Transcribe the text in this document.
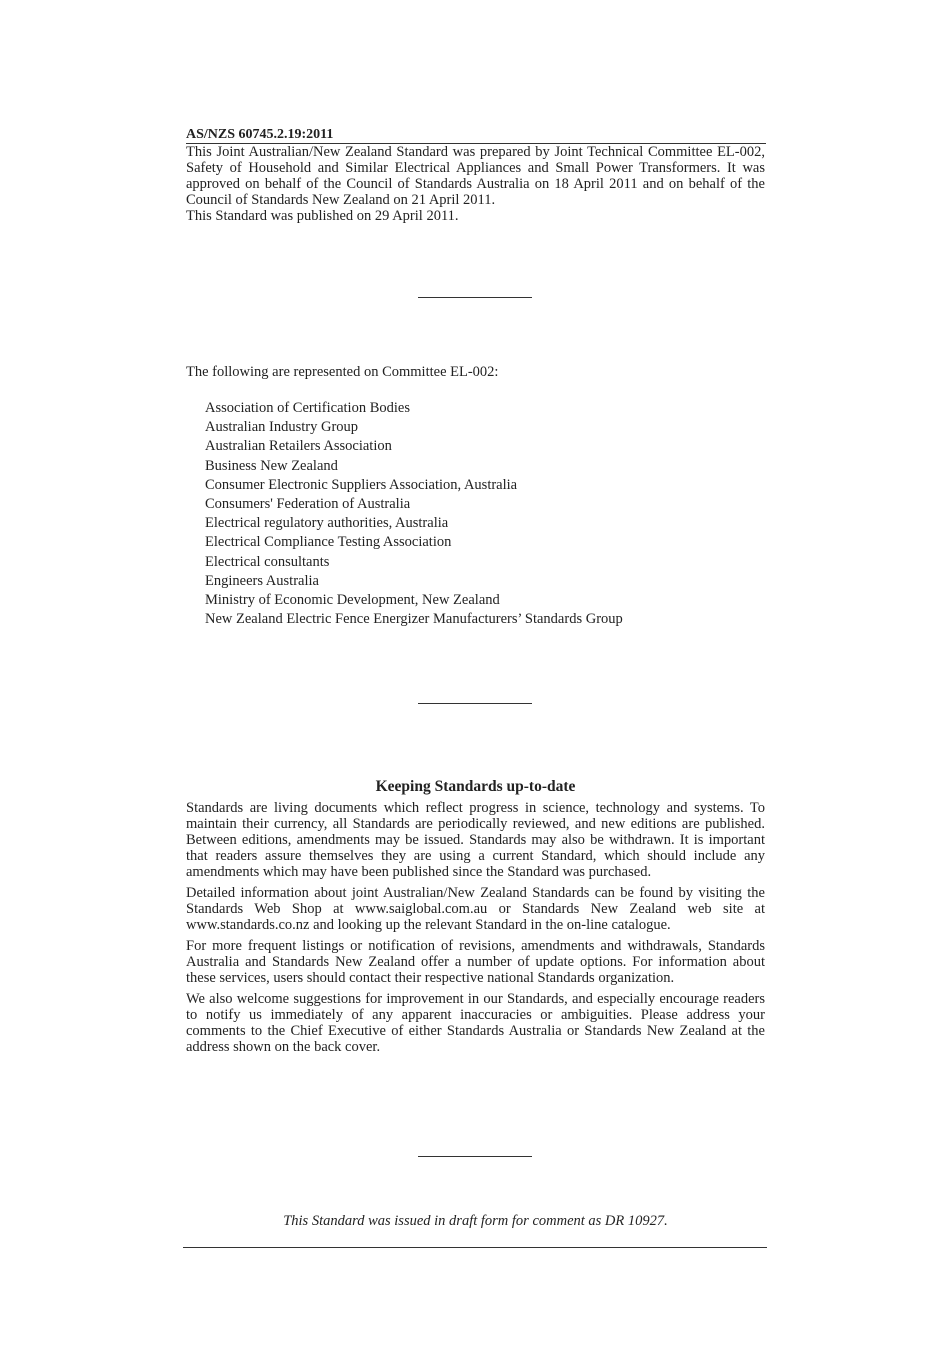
AS/NZS 60745.2.19:2011

This Joint Australian/New Zealand Standard was prepared by Joint Technical Committee EL-002, Safety of Household and Similar Electrical Appliances and Small Power Transformers. It was approved on behalf of the Council of Standards Australia on 18 April 2011 and on behalf of the Council of Standards New Zealand on 21 April 2011.

This Standard was published on 29 April 2011.

The following are represented on Committee EL-002:

Association of Certification Bodies
Australian Industry Group
Australian Retailers Association
Business New Zealand
Consumer Electronic Suppliers Association, Australia
Consumers' Federation of Australia
Electrical regulatory authorities, Australia
Electrical Compliance Testing Association
Electrical consultants
Engineers Australia
Ministry of Economic Development, New Zealand
New Zealand Electric Fence Energizer Manufacturers’ Standards Group
Keeping Standards up-to-date

Standards are living documents which reflect progress in science, technology and systems. To maintain their currency, all Standards are periodically reviewed, and new editions are published. Between editions, amendments may be issued. Standards may also be withdrawn. It is important that readers assure themselves they are using a current Standard, which should include any amendments which may have been published since the Standard was purchased.

Detailed information about joint Australian/New Zealand Standards can be found by visiting the Standards Web Shop at www.saiglobal.com.au or Standards New Zealand web site at www.standards.co.nz and looking up the relevant Standard in the on-line catalogue.

For more frequent listings or notification of revisions, amendments and withdrawals, Standards Australia and Standards New Zealand offer a number of update options. For information about these services, users should contact their respective national Standards organization.

We also welcome suggestions for improvement in our Standards, and especially encourage readers to notify us immediately of any apparent inaccuracies or ambiguities. Please address your comments to the Chief Executive of either Standards Australia or Standards New Zealand at the address shown on the back cover.

This Standard was issued in draft form for comment as DR 10927.
